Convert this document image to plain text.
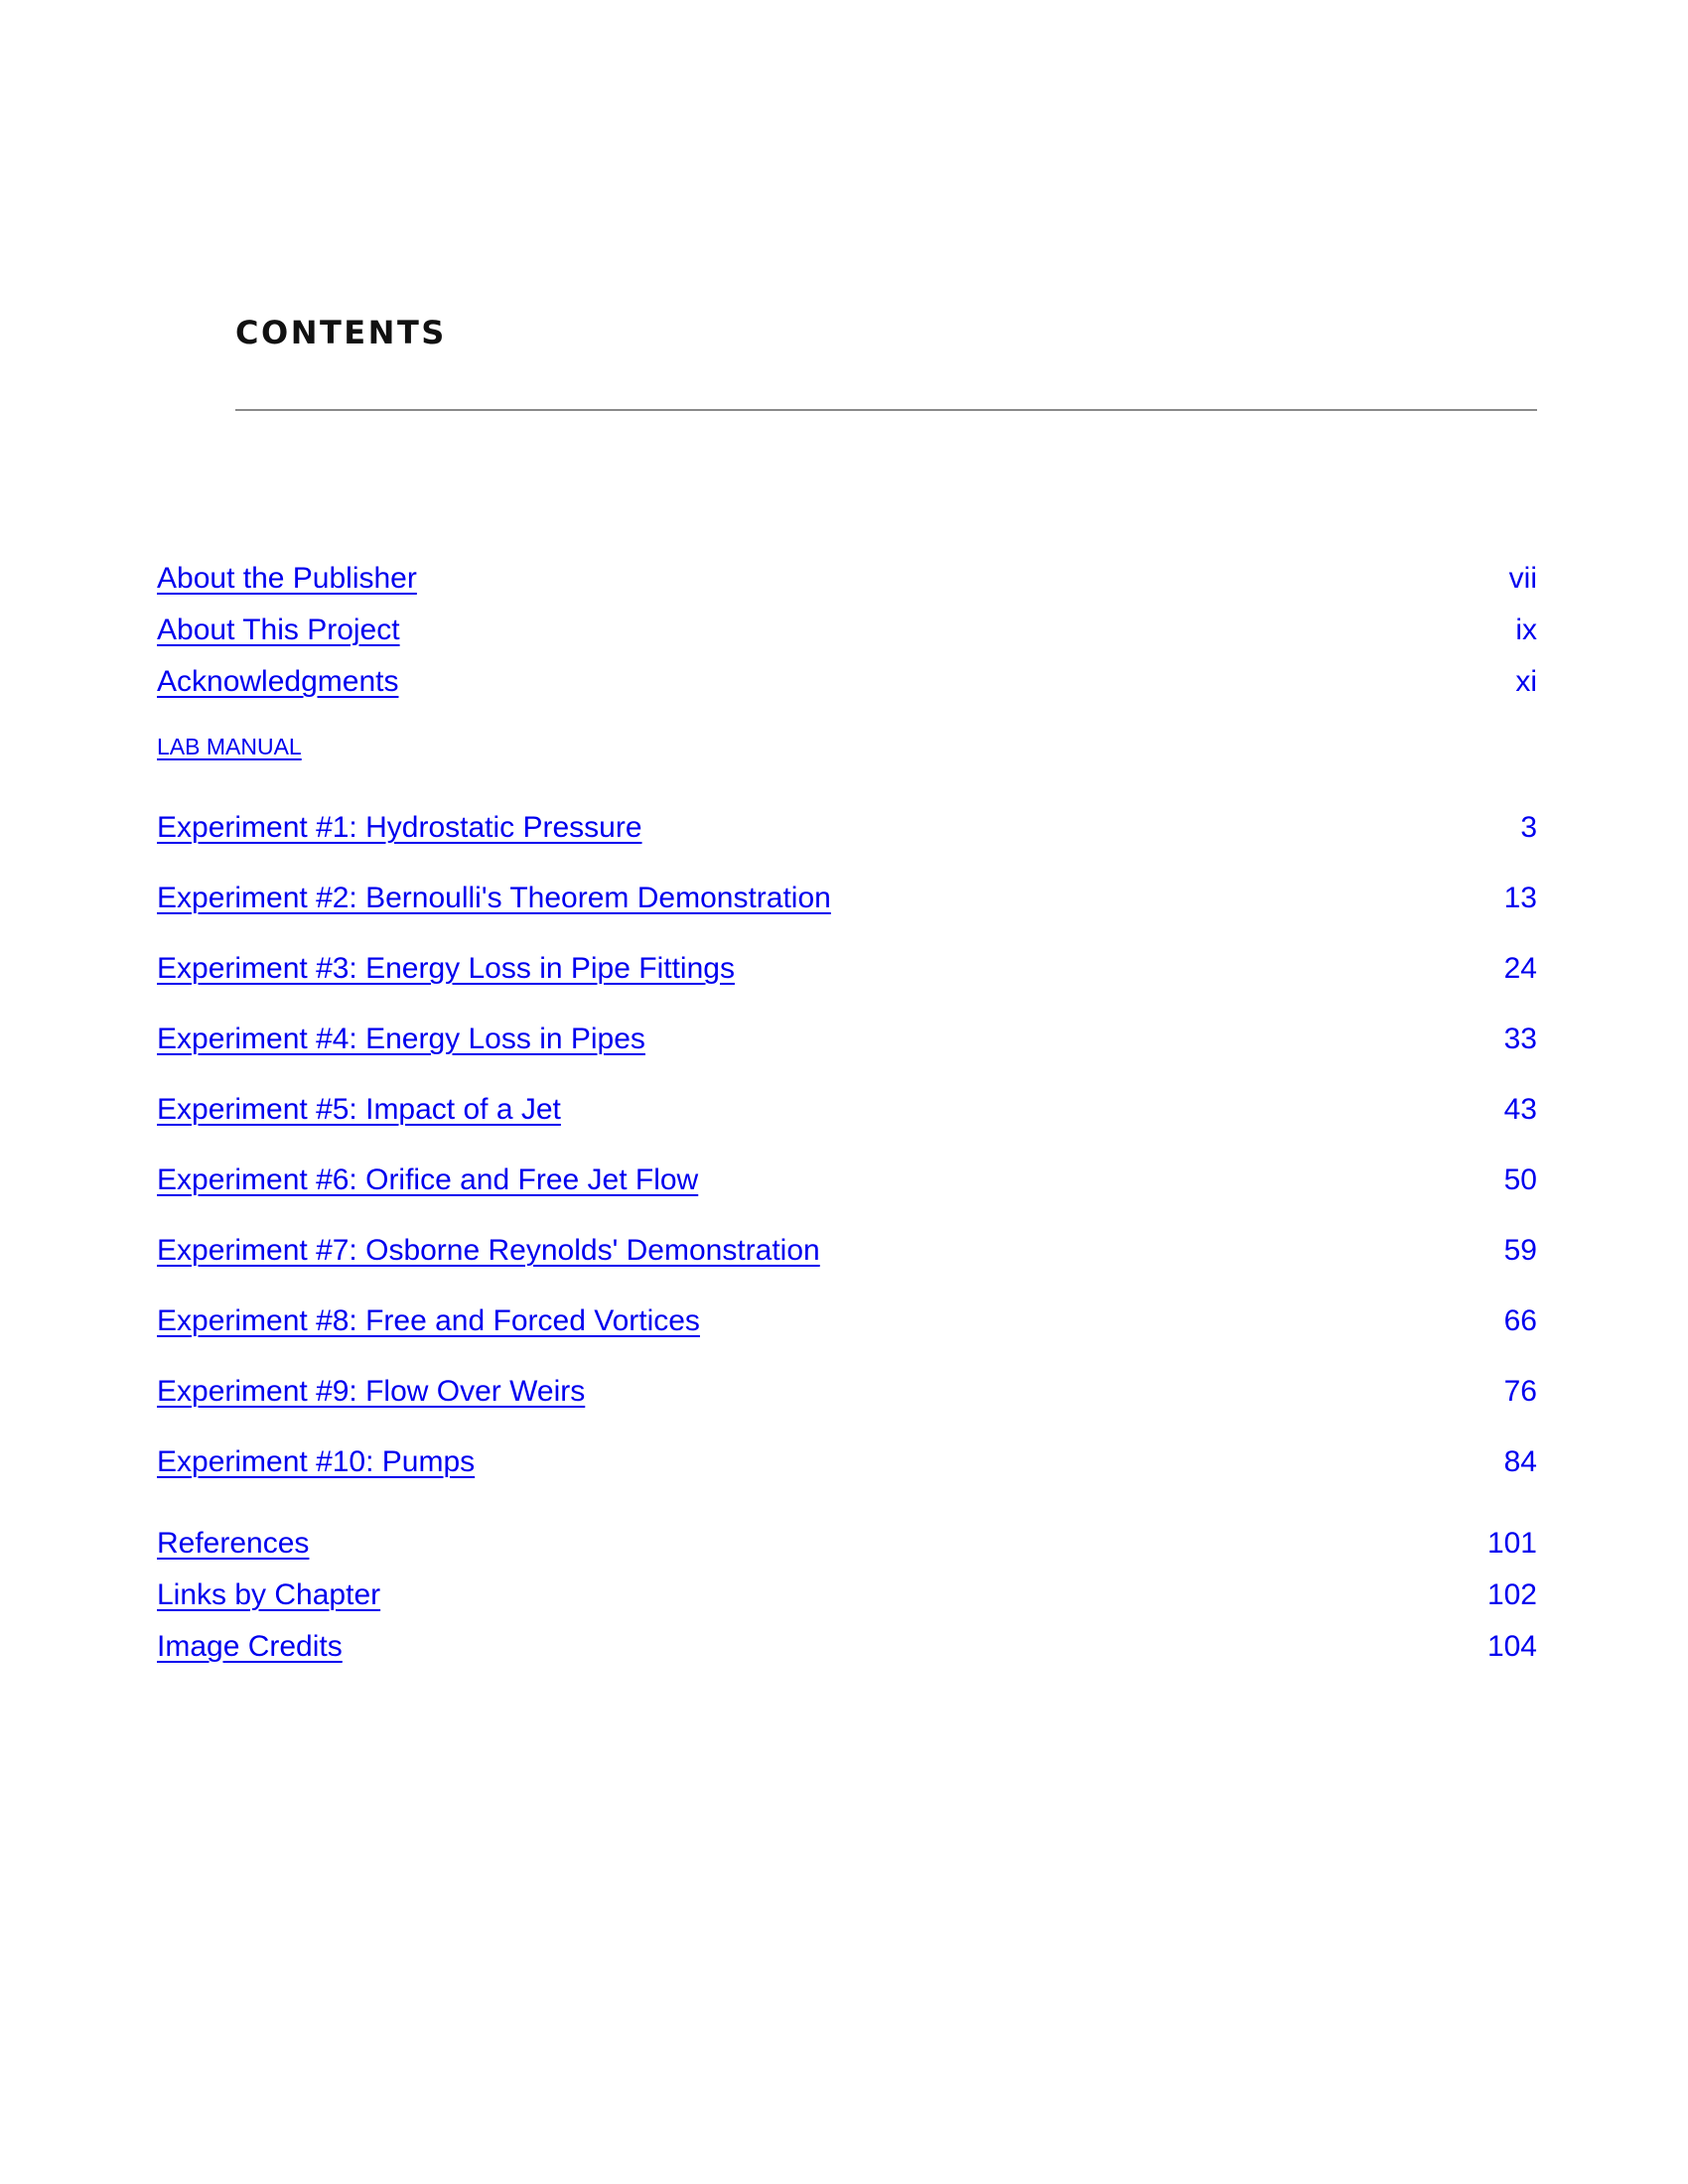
CONTENTS
About the Publisher	vii
About This Project	ix
Acknowledgments	xi
LAB MANUAL
Experiment #1: Hydrostatic Pressure	3
Experiment #2: Bernoulli's Theorem Demonstration	13
Experiment #3: Energy Loss in Pipe Fittings	24
Experiment #4: Energy Loss in Pipes	33
Experiment #5: Impact of a Jet	43
Experiment #6: Orifice and Free Jet Flow	50
Experiment #7: Osborne Reynolds' Demonstration	59
Experiment #8: Free and Forced Vortices	66
Experiment #9: Flow Over Weirs	76
Experiment #10: Pumps	84
References	101
Links by Chapter	102
Image Credits	104
